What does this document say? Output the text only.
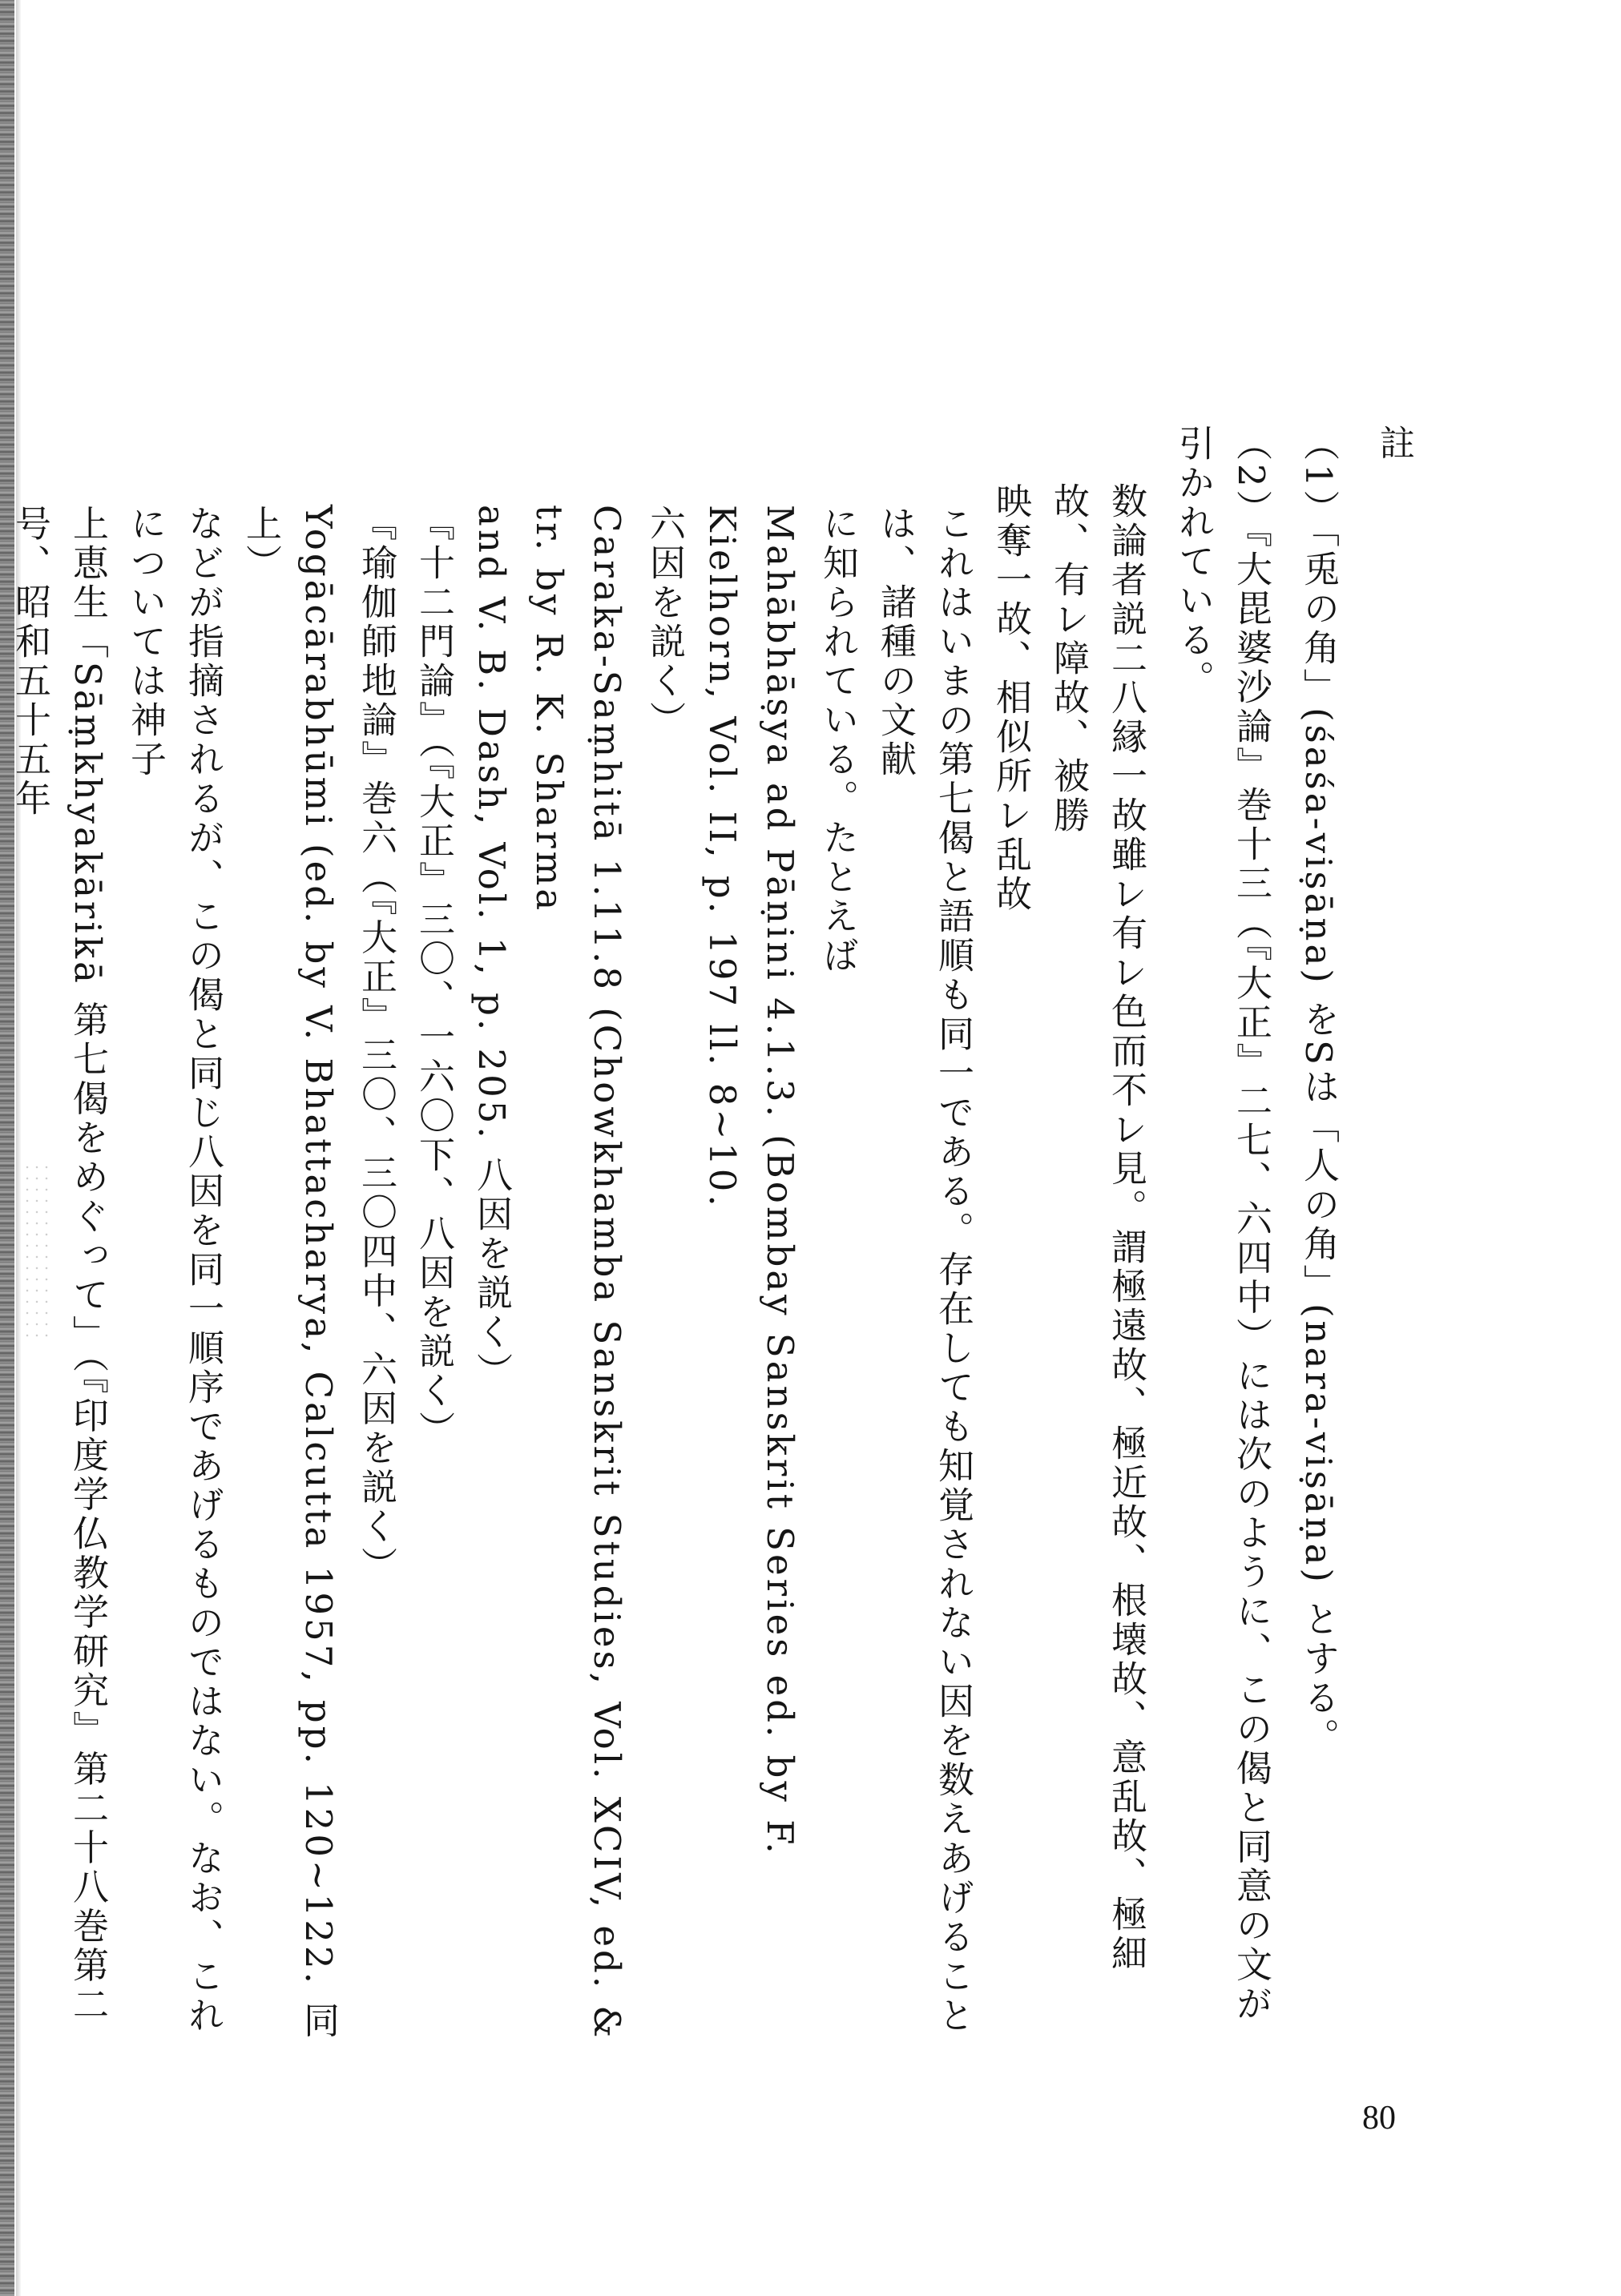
註
（1）「兎の角」(śaśa-viṣāṇa) をSは「人の角」(nara-viṣāṇa) とする。
（2）『大毘婆沙論』巻十三（『大正』二七、六四中）には次のように、この偈と同意の文が引かれている。
数論者説二八縁一故雖レ有レ色而不レ見。謂極遠故、極近故、根壊故、意乱故、極細故、有レ障故、被勝
映奪一故、相似所レ乱故
これはいまの第七偈と語順も同一である。存在しても知覚されない因を数えあげることは、諸種の文献
に知られている。たとえば
Mahābhāṣya ad Pāṇini 4.1.3. (Bombay Sanskrit Series ed. by F. Kielhorn, Vol. II, p. 197 ll. 8~10.
六因を説く）
Caraka-Saṃhitā 1.11.8 (Chowkhamba Sanskrit Studies, Vol. XCIV, ed. & tr. by R. K. Sharma
and V. B. Dash, Vol. 1, p. 205. 八因を説く）
『十二門論』（『大正』三〇、一六〇下、八因を説く）
『瑜伽師地論』巻六（『大正』三〇、三〇四中、六因を説く）
Yogācārabhūmi (ed. by V. Bhattacharya, Calcutta 1957, pp. 120~122. 同上）
などが指摘されるが、この偈と同じ八因を同一順序であげるものではない。なお、これについては神子
上恵生「Sāṃkhyakārikā 第七偈をめぐって」（『印度学仏教学研究』第二十八巻第二号、昭和五十五年
80
